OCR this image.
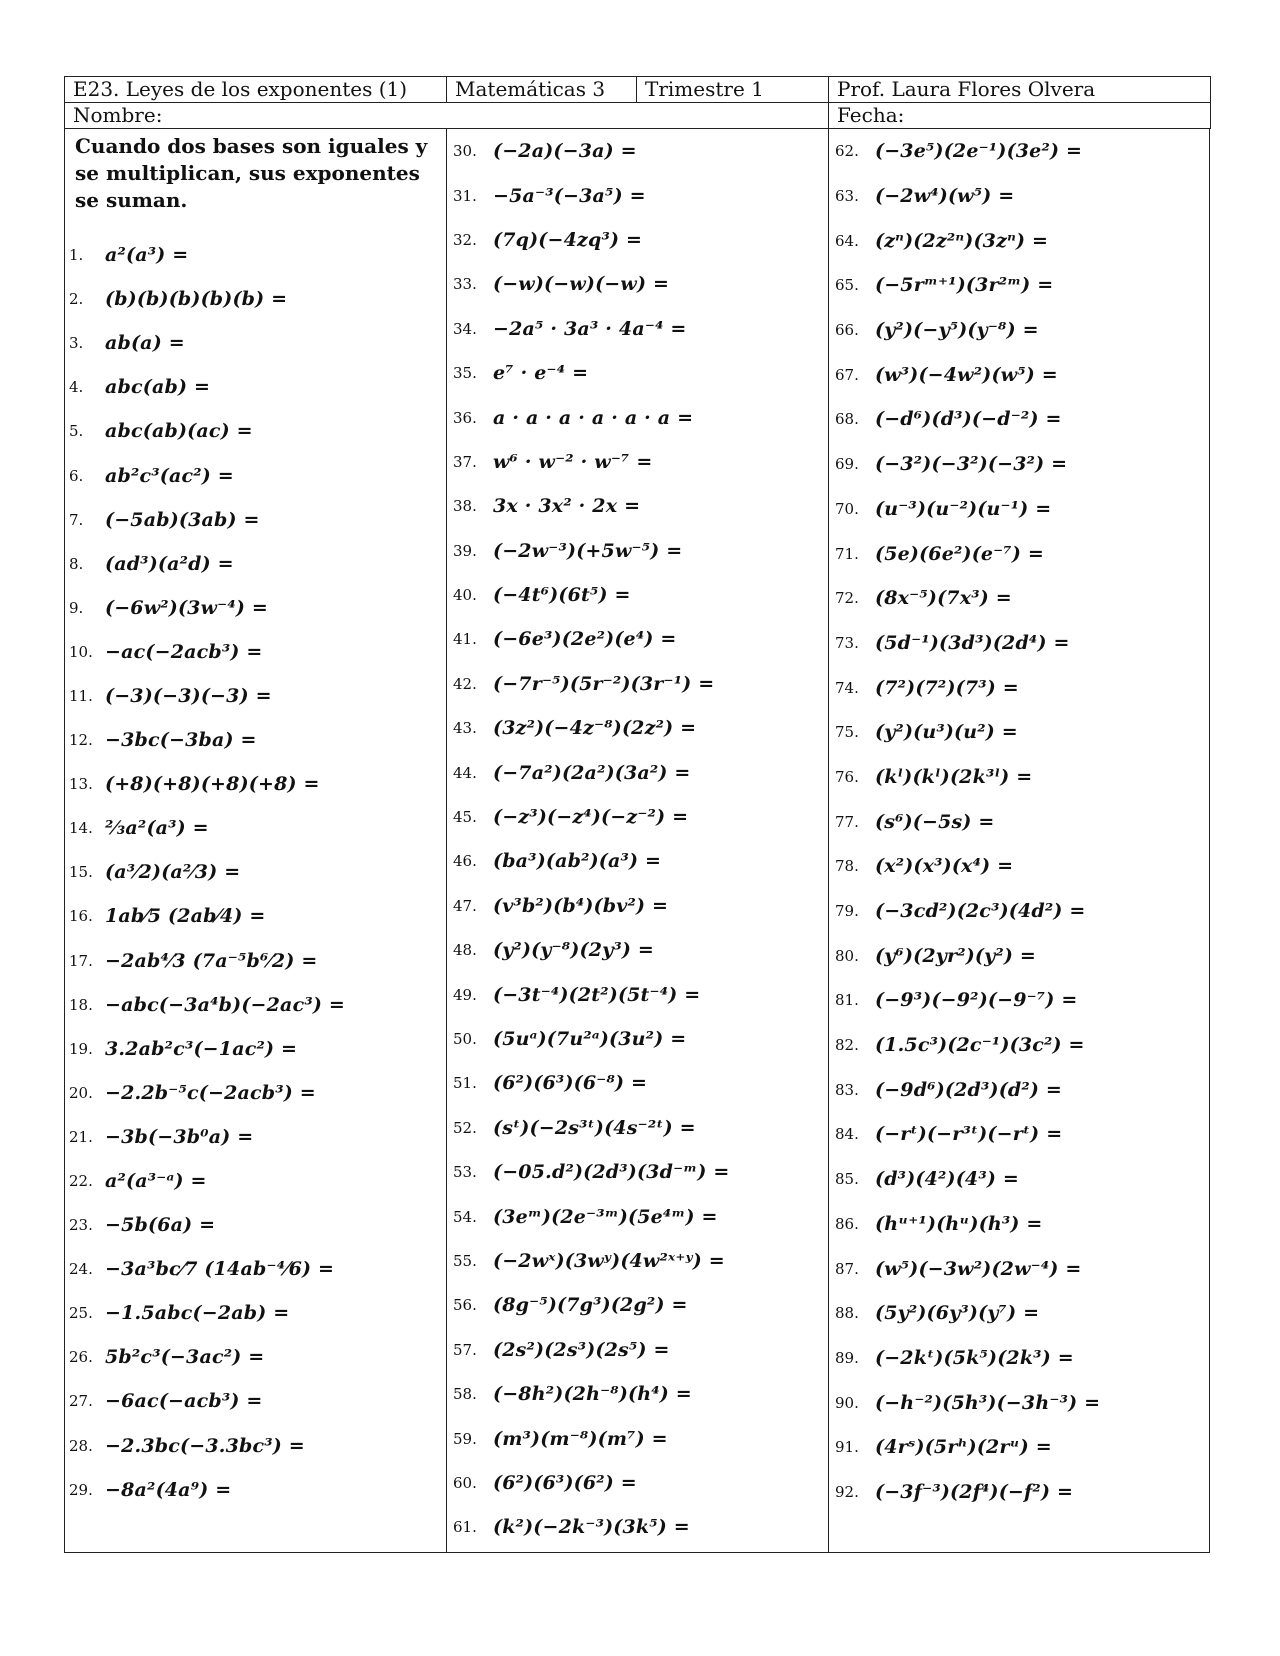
E23. Leyes de los exponentes (1)	Matemáticas 3	Trimestre 1	Prof. Laura Flores Olvera
Nombre:			Fecha:
Cuando dos bases son iguales y se multiplican, sus exponentes se suman.
1.	a²(a³) =
2.	(b)(b)(b)(b)(b) =
3.	ab(a) =
4.	abc(ab) =
5.	abc(ab)(ac) =
6.	ab²c³(ac²) =
7.	(−5ab)(3ab) =
8.	(ad³)(a²d) =
9.	(−6w²)(3w⁻⁴) =
10. −ac(−2acb³) =
11. (−3)(−3)(−3) =
12. −3bc(−3ba) =
13. (+8)(+8)(+8)(+8) =
14. ²⁄₃a²(a³) =
15. (a³⁄2)(a²⁄3) =
16. 1ab⁄5 (2ab⁄4) =
17. −2ab⁴⁄3 (7a⁻⁵b⁶⁄2) =
18. −abc(−3a⁴b)(−2ac³) =
19. 3.2ab²c³(−1ac²) =
20. −2.2b⁻⁵c(−2acb³) =
21. −3b(−3b⁰a) =
22. a²(a³⁻ᵃ) =
23. −5b(6a) =
24. −3a³bc⁄7 (14ab⁻⁴⁄6) =
25. −1.5abc(−2ab) =
26. 5b²c³(−3ac²) =
27. −6ac(−acb³) =
28. −2.3bc(−3.3bc³) =
29. −8a²(4a⁹) =
30. (−2a)(−3a) =
31. −5a⁻³(−3a⁵) =
32. (7q)(−4zq³) =
33. (−w)(−w)(−w) =
34. −2a⁵ · 3a³ · 4a⁻⁴ =
35. e⁷ · e⁻⁴ =
36. a · a · a · a · a · a =
37. w⁶ · w⁻² · w⁻⁷ =
38. 3x · 3x² · 2x =
39. (−2w⁻³)(+5w⁻⁵) =
40. (−4t⁶)(6t⁵) =
41. (−6e³)(2e²)(e⁴) =
42. (−7r⁻⁵)(5r⁻²)(3r⁻¹) =
43. (3z²)(−4z⁻⁸)(2z²) =
44. (−7a²)(2a²)(3a²) =
45. (−z³)(−z⁴)(−z⁻²) =
46. (ba³)(ab²)(a³) =
47. (v³b²)(b⁴)(bv²) =
48. (y²)(y⁻⁸)(2y³) =
49. (−3t⁻⁴)(2t²)(5t⁻⁴) =
50. (5uᵃ)(7u²ᵃ)(3u²) =
51. (6²)(6³)(6⁻⁸) =
52. (sᵗ)(−2s³ᵗ)(4s⁻²ᵗ) =
53. (−05.d²)(2d³)(3d⁻ᵐ) =
54. (3eᵐ)(2e⁻³ᵐ)(5e⁴ᵐ) =
55. (−2wˣ)(3wʸ)(4w²ˣ⁺ʸ) =
56. (8g⁻⁵)(7g³)(2g²) =
57. (2s²)(2s³)(2s⁵) =
58. (−8h²)(2h⁻⁸)(h⁴) =
59. (m³)(m⁻⁸)(m⁷) =
60. (6²)(6³)(6²) =
61. (k²)(−2k⁻³)(3k⁵) =
62. (−3e⁵)(2e⁻¹)(3e²) =
63. (−2w⁴)(w⁵) =
64. (zⁿ)(2z²ⁿ)(3zⁿ) =
65. (−5rᵐ⁺¹)(3r²ᵐ) =
66. (y²)(−y⁵)(y⁻⁸) =
67. (w³)(−4w²)(w⁵) =
68. (−d⁶)(d³)(−d⁻²) =
69. (−3²)(−3²)(−3²) =
70. (u⁻³)(u⁻²)(u⁻¹) =
71. (5e)(6e²)(e⁻⁷) =
72. (8x⁻⁵)(7x³) =
73. (5d⁻¹)(3d³)(2d⁴) =
74. (7²)(7²)(7³) =
75. (y²)(u³)(u²) =
76. (kˡ)(kˡ)(2k³ˡ) =
77. (s⁶)(−5s) =
78. (x²)(x³)(x⁴) =
79. (−3cd²)(2c³)(4d²) =
80. (y⁶)(2yr²)(y²) =
81. (−9³)(−9²)(−9⁻⁷) =
82. (1.5c³)(2c⁻¹)(3c²) =
83. (−9d⁶)(2d³)(d²) =
84. (−rᵗ)(−r³ᵗ)(−rᵗ) =
85. (d³)(4²)(4³) =
86. (hᵘ⁺¹)(hᵘ)(h³) =
87. (w⁵)(−3w²)(2w⁻⁴) =
88. (5y²)(6y³)(y⁷) =
89. (−2kᵗ)(5k⁵)(2k³) =
90. (−h⁻²)(5h³)(−3h⁻³) =
91. (4rˢ)(5rʰ)(2rᵘ) =
92. (−3f⁻³)(2f⁴)(−f²) =
